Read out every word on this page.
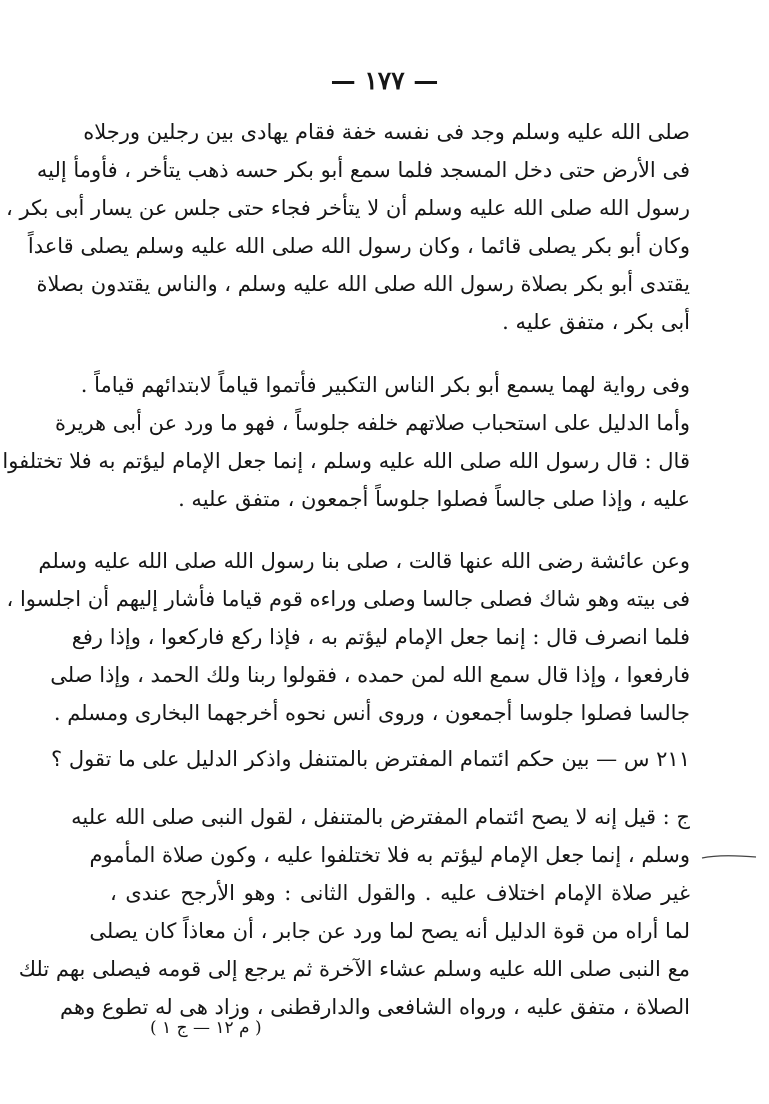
— ١٧٧ —
صلى الله عليه وسلم وجد فى نفسه خفة فقام يهادى بين رجلين ورجلاه
فى الأرض حتى دخل المسجد فلما سمع أبو بكر حسه ذهب يتأخر ، فأومأ إليه
رسول الله صلى الله عليه وسلم أن لا يتأخر فجاء حتى جلس عن يسار أبى بكر ،
وكان أبو بكر يصلى قائما ، وكان رسول الله صلى الله عليه وسلم يصلى قاعداً
يقتدى أبو بكر بصلاة رسول الله صلى الله عليه وسلم ، والناس يقتدون بصلاة
أبى بكر ، متفق عليه .
وفى رواية لهما يسمع أبو بكر الناس التكبير فأتموا قياماً لابتدائهم قياماً .
وأما الدليل على استحباب صلاتهم خلفه جلوساً ، فهو ما ورد عن أبى هريرة
قال : قال رسول الله صلى الله عليه وسلم ، إنما جعل الإمام ليؤتم به فلا تختلفوا
عليه ، وإذا صلى جالساً فصلوا جلوساً أجمعون ، متفق عليه .
وعن عائشة رضى الله عنها قالت ، صلى بنا رسول الله صلى الله عليه وسلم
فى بيته وهو شاك فصلى جالسا وصلى وراءه قوم قياما فأشار إليهم أن اجلسوا ،
فلما انصرف قال : إنما جعل الإمام ليؤتم به ، فإذا ركع فاركعوا ، وإذا رفع
فارفعوا ، وإذا قال سمع الله لمن حمده ، فقولوا ربنا ولك الحمد ، وإذا صلى
جالسا فصلوا جلوسا أجمعون ، وروى أنس نحوه أخرجهما البخارى ومسلم .
٢١١ س — بين حكم ائتمام المفترض بالمتنفل واذكر الدليل على ما تقول ؟
ج : قيل إنه لا يصح ائتمام المفترض بالمتنفل ، لقول النبى صلى الله عليه
وسلم ، إنما جعل الإمام ليؤتم به فلا تختلفوا عليه ، وكون صلاة المأموم
غير صلاة الإمام اختلاف عليه . والقول الثانى : وهو الأرجح عندى ،
لما أراه من قوة الدليل أنه يصح لما ورد عن جابر ، أن معاذاً كان يصلى
مع النبى صلى الله عليه وسلم عشاء الآخرة ثم يرجع إلى قومه فيصلى بهم تلك
الصلاة ، متفق عليه ، ورواه الشافعى والدارقطنى ، وزاد هى له تطوع وهم
( م ١٢ — ج ١ )
